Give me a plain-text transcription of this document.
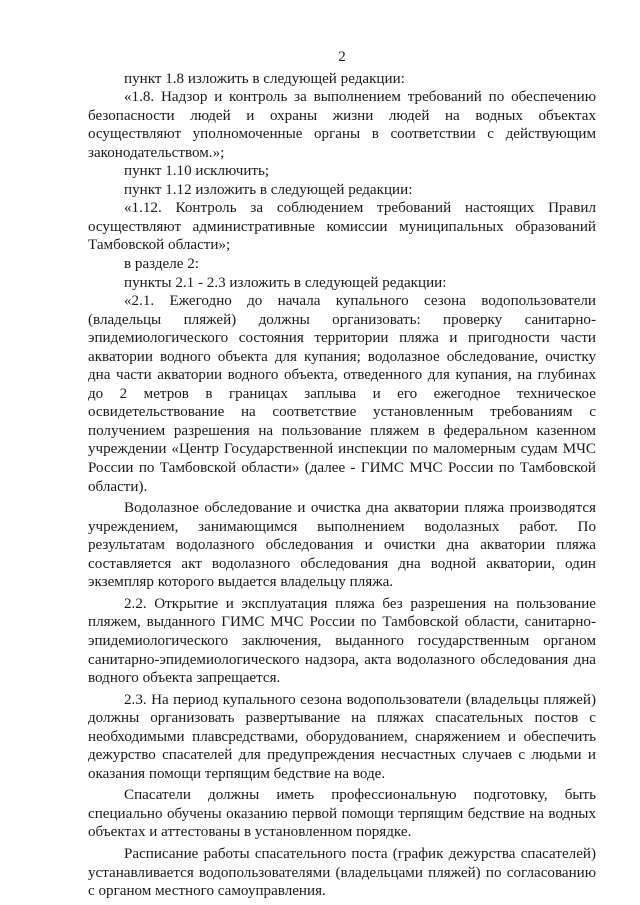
2

пункт 1.8 изложить в следующей редакции:

«1.8. Надзор и контроль за выполнением требований по обеспечению безопасности людей и охраны жизни людей на водных объектах осуществляют уполномоченные органы в соответствии с действующим законодательством.»;

пункт 1.10 исключить;

пункт 1.12 изложить в следующей редакции:

«1.12. Контроль за соблюдением требований настоящих Правил осуществляют административные комиссии муниципальных образований Тамбовской области»;

в разделе 2:

пункты 2.1 - 2.3 изложить в следующей редакции:

«2.1. Ежегодно до начала купального сезона водопользователи (владельцы пляжей) должны организовать: проверку санитарно-эпидемиологического состояния территории пляжа и пригодности части акватории водного объекта для купания; водолазное обследование, очистку дна части акватории водного объекта, отведенного для купания, на глубинах до 2 метров в границах заплыва и его ежегодное техническое освидетельствование на соответствие установленным требованиям с получением разрешения на пользование пляжем в федеральном казенном учреждении «Центр Государственной инспекции по маломерным судам МЧС России по Тамбовской области» (далее - ГИМС МЧС России по Тамбовской области).

Водолазное обследование и очистка дна акватории пляжа производятся учреждением, занимающимся выполнением водолазных работ. По результатам водолазного обследования и очистки дна акватории пляжа составляется акт водолазного обследования дна водной акватории, один экземпляр которого выдается владельцу пляжа.

2.2. Открытие и эксплуатация пляжа без разрешения на пользование пляжем, выданного ГИМС МЧС России по Тамбовской области, санитарно-эпидемиологического заключения, выданного государственным органом санитарно-эпидемиологического надзора, акта водолазного обследования дна водного объекта запрещается.

2.3. На период купального сезона водопользователи (владельцы пляжей) должны организовать развертывание на пляжах спасательных постов с необходимыми плавсредствами, оборудованием, снаряжением и обеспечить дежурство спасателей для предупреждения несчастных случаев с людьми и оказания помощи терпящим бедствие на воде.

Спасатели должны иметь профессиональную подготовку, быть специально обучены оказанию первой помощи терпящим бедствие на водных объектах и аттестованы в установленном порядке.

Расписание работы спасательного поста (график дежурства спасателей) устанавливается водопользователями (владельцами пляжей) по согласованию с органом местного самоуправления.
